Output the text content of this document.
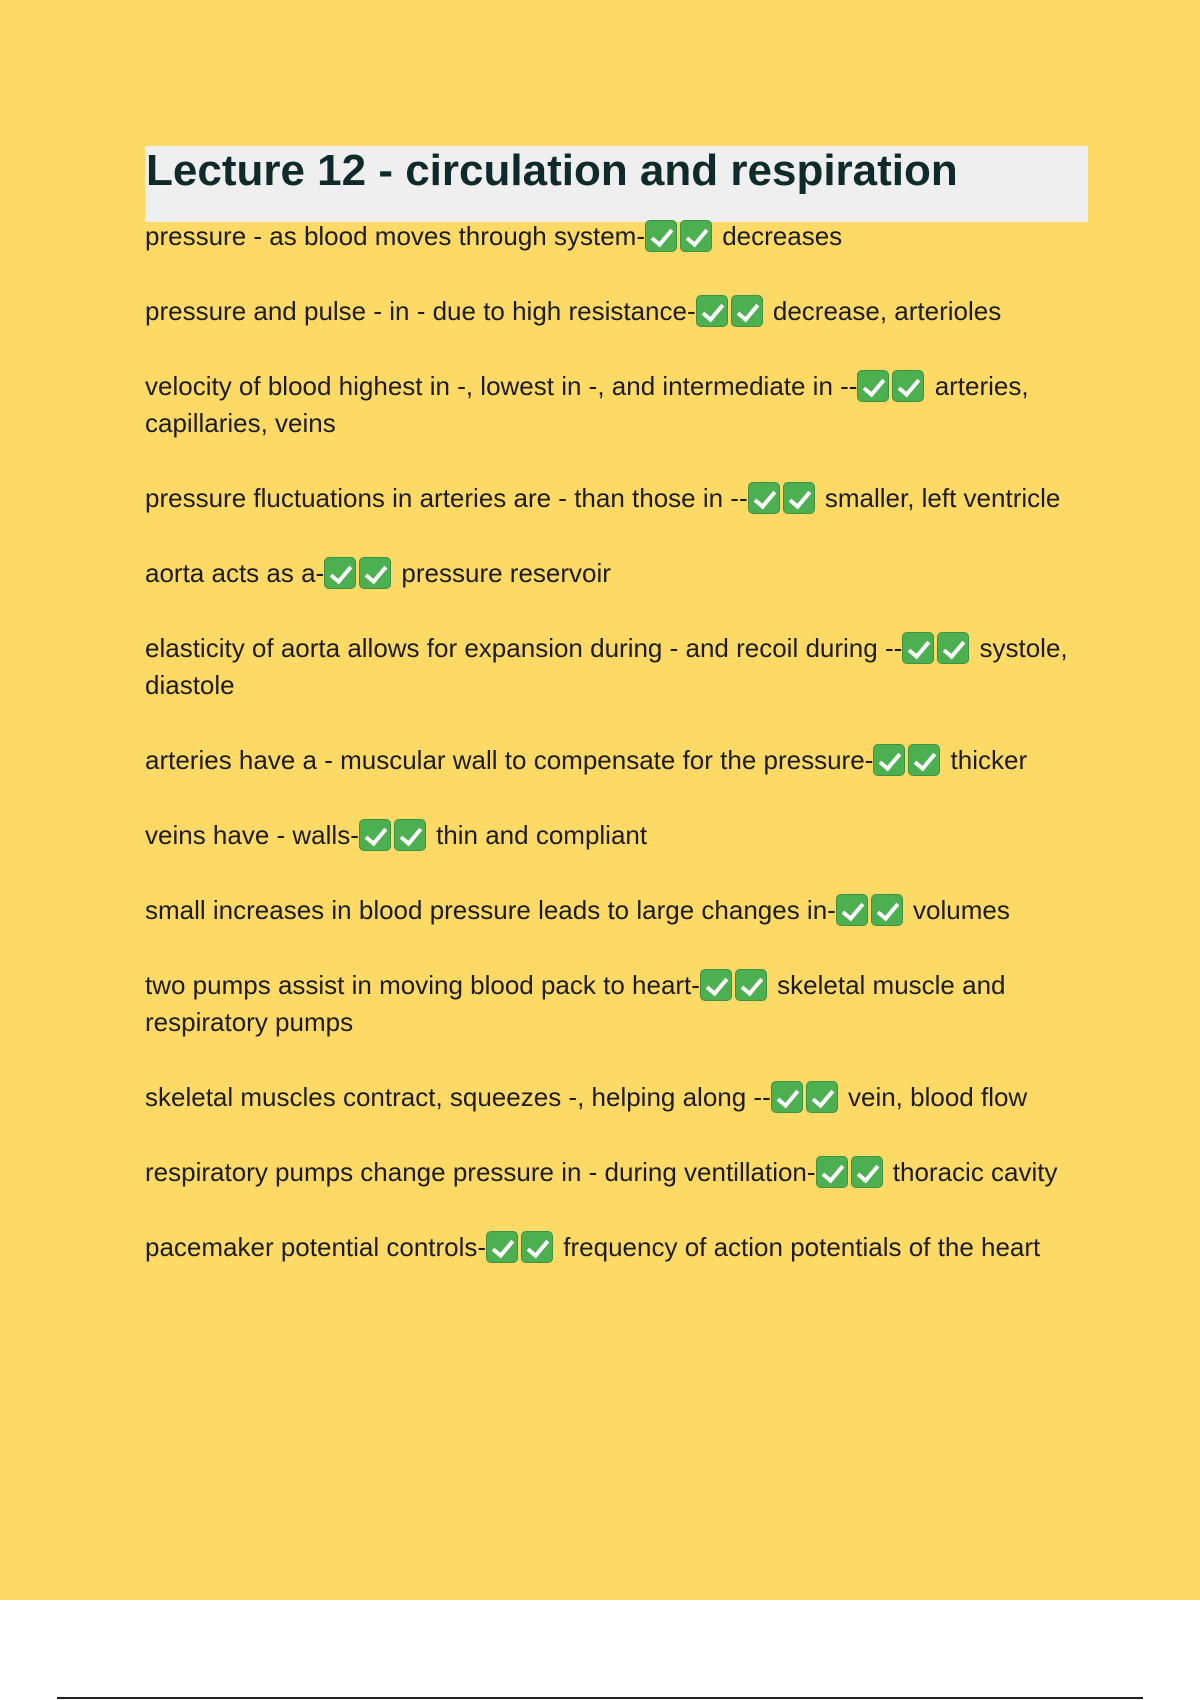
Lecture 12 - circulation and respiration
pressure - as blood moves through system-	decreases
pressure and pulse - in - due to high resistance-	decrease, arterioles
velocity of blood highest in -, lowest in -, and intermediate in --	arteries, capillaries, veins
pressure fluctuations in arteries are - than those in --	smaller, left ventricle
aorta acts as a-	pressure reservoir
elasticity of aorta allows for expansion during - and recoil during --	systole, diastole
arteries have a - muscular wall to compensate for the pressure-	thicker
veins have - walls-	thin and compliant
small increases in blood pressure leads to large changes in-	volumes
two pumps assist in moving blood pack to heart-	skeletal muscle and respiratory pumps
skeletal muscles contract, squeezes -, helping along --	vein, blood flow
respiratory pumps change pressure in - during ventillation-	thoracic cavity
pacemaker potential controls-	frequency of action potentials of the heart
